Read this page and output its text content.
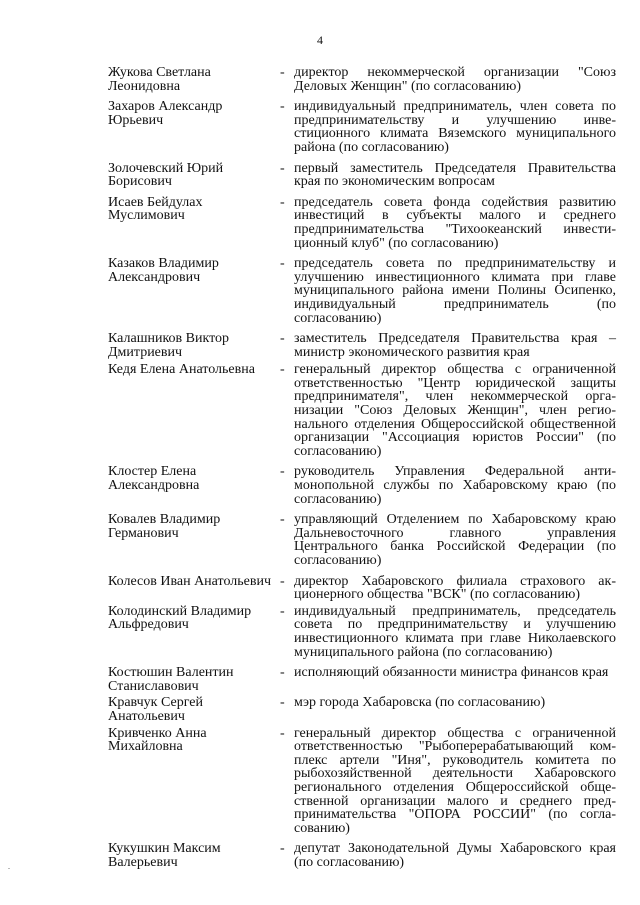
4
Жукова Светлана Леонидовна
- директор некоммерческой организации "Союз Деловых Женщин" (по согласованию)
Захаров Александр Юрьевич
- индивидуальный предприниматель, член совета по предпринимательству и улучшению инвестиционного климата Вяземского муниципального района (по согласованию)
Золочевский Юрий Борисович
- первый заместитель Председателя Правительства края по экономическим вопросам
Исаев Бейдулах Муслимович
- председатель совета фонда содействия развитию инвестиций в субъекты малого и среднего предпринимательства "Тихоокеанский инвестиционный клуб" (по согласованию)
Казаков Владимир Александрович
- председатель совета по предпринимательству и улучшению инвестиционного климата при главе муниципального района имени Полины Осипенко, индивидуальный предприниматель (по согласованию)
Калашников Виктор Дмитриевич
- заместитель Председателя Правительства края – министр экономического развития края
Кедя Елена Анатольевна	- генеральный директор общества с ограниченной ответственностью "Центр юридической защиты предпринимателя", член некоммерческой организации "Союз Деловых Женщин", член регионального отделения Общероссийской общественной организации "Ассоциация юристов России" (по согласованию)
Клостер Елена Александровна
- руководитель Управления Федеральной антимонопольной службы по Хабаровскому краю (по согласованию)
Ковалев Владимир Германович
- управляющий Отделением по Хабаровскому краю Дальневосточного главного управления Центрального банка Российской Федерации (по согласованию)
Колесов Иван Анатольевич - директор Хабаровского филиала страхового акционерного общества "ВСК" (по согласованию)
Колодинский Владимир Альфредович
- индивидуальный предприниматель, председатель совета по предпринимательству и улучшению инвестиционного климата при главе Николаевского муниципального района (по согласованию)
Костюшин Валентин Станиславович
- исполняющий обязанности министра финансов края
Кравчук Сергей Анатольевич
- мэр города Хабаровска (по согласованию)
Кривченко Анна Михайловна
- генеральный директор общества с ограниченной ответственностью "Рыбоперерабатывающий комплекс артели "Иня", руководитель комитета по рыбохозяйственной деятельности Хабаровского регионального отделения Общероссийской общественной организации малого и среднего предпринимательства "ОПОРА РОССИИ" (по согласованию)
Кукушкин Максим Валерьевич
- депутат Законодательной Думы Хабаровского края (по согласованию)
